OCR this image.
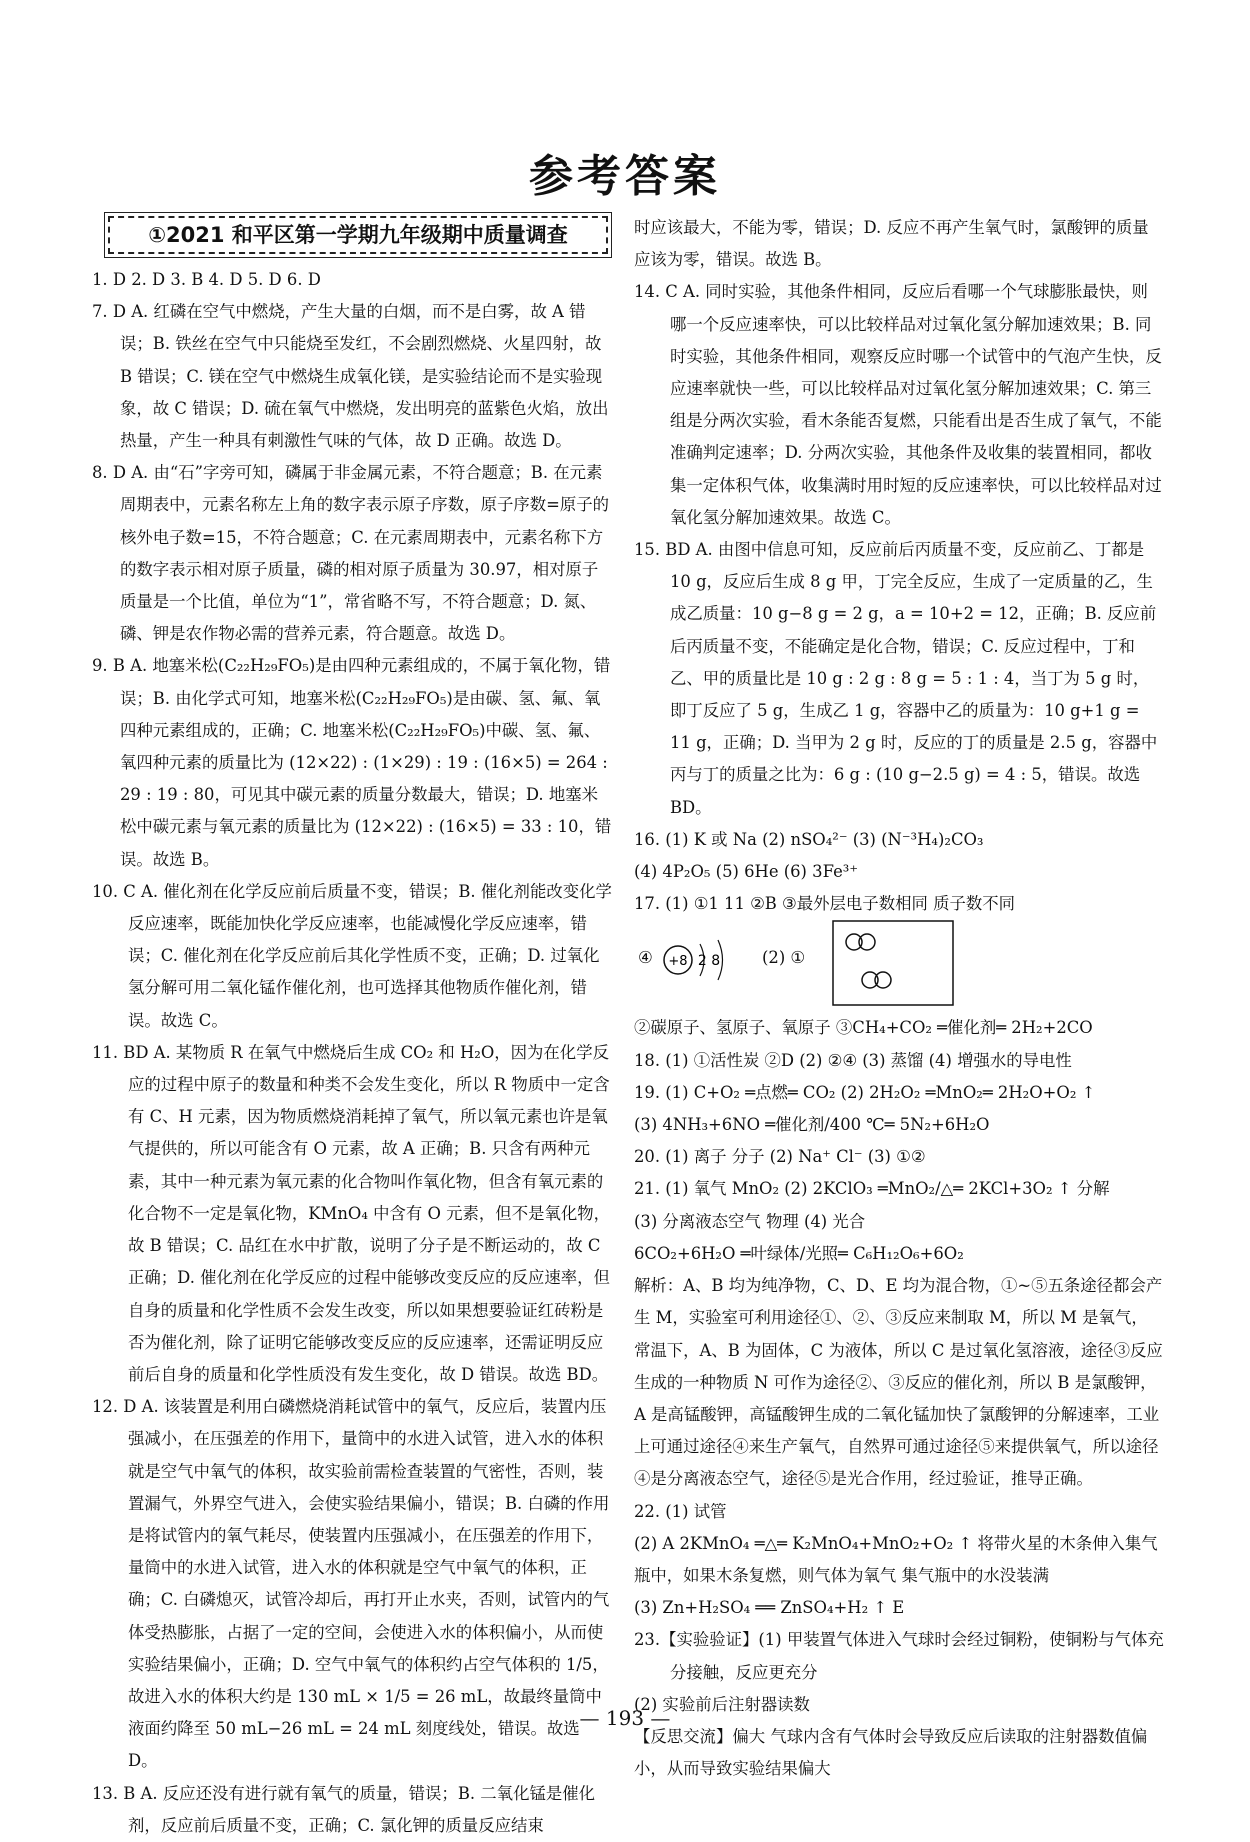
参考答案
①2021 和平区第一学期九年级期中质量调查

1. D 2. D 3. B 4. D 5. D 6. D

7. D A. 红磷在空气中燃烧，产生大量的白烟，而不是白雾，故 A 错误；B. 铁丝在空气中只能烧至发红，不会剧烈燃烧、火星四射，故 B 错误；C. 镁在空气中燃烧生成氧化镁，是实验结论而不是实验现象，故 C 错误；D. 硫在氧气中燃烧，发出明亮的蓝紫色火焰，放出热量，产生一种具有刺激性气味的气体，故 D 正确。故选 D。

8. D A. 由“石”字旁可知，磷属于非金属元素，不符合题意；B. 在元素周期表中，元素名称左上角的数字表示原子序数，原子序数=原子的核外电子数=15，不符合题意；C. 在元素周期表中，元素名称下方的数字表示相对原子质量，磷的相对原子质量为 30.97，相对原子质量是一个比值，单位为“1”，常省略不写，不符合题意；D. 氮、磷、钾是农作物必需的营养元素，符合题意。故选 D。

9. B A. 地塞米松(C₂₂H₂₉FO₅)是由四种元素组成的，不属于氧化物，错误；B. 由化学式可知，地塞米松(C₂₂H₂₉FO₅)是由碳、氢、氟、氧四种元素组成的，正确；C. 地塞米松(C₂₂H₂₉FO₅)中碳、氢、氟、氧四种元素的质量比为 (12×22) : (1×29) : 19 : (16×5) = 264 : 29 : 19 : 80，可见其中碳元素的质量分数最大，错误；D. 地塞米松中碳元素与氧元素的质量比为 (12×22) : (16×5) = 33 : 10，错误。故选 B。

10. C A. 催化剂在化学反应前后质量不变，错误；B. 催化剂能改变化学反应速率，既能加快化学反应速率，也能减慢化学反应速率，错误；C. 催化剂在化学反应前后其化学性质不变，正确；D. 过氧化氢分解可用二氧化锰作催化剂，也可选择其他物质作催化剂，错误。故选 C。

11. BD A. 某物质 R 在氧气中燃烧后生成 CO₂ 和 H₂O，因为在化学反应的过程中原子的数量和种类不会发生变化，所以 R 物质中一定含有 C、H 元素，因为物质燃烧消耗掉了氧气，所以氧元素也许是氧气提供的，所以可能含有 O 元素，故 A 正确；B. 只含有两种元素，其中一种元素为氧元素的化合物叫作氧化物，但含有氧元素的化合物不一定是氧化物，KMnO₄ 中含有 O 元素，但不是氧化物，故 B 错误；C. 品红在水中扩散，说明了分子是不断运动的，故 C 正确；D. 催化剂在化学反应的过程中能够改变反应的反应速率，但自身的质量和化学性质不会发生改变，所以如果想要验证红砖粉是否为催化剂，除了证明它能够改变反应的反应速率，还需证明反应前后自身的质量和化学性质没有发生变化，故 D 错误。故选 BD。

12. D A. 该装置是利用白磷燃烧消耗试管中的氧气，反应后，装置内压强减小，在压强差的作用下，量筒中的水进入试管，进入水的体积就是空气中氧气的体积，故实验前需检查装置的气密性，否则，装置漏气，外界空气进入，会使实验结果偏小，错误；B. 白磷的作用是将试管内的氧气耗尽，使装置内压强减小，在压强差的作用下，量筒中的水进入试管，进入水的体积就是空气中氧气的体积，正确；C. 白磷熄灭，试管冷却后，再打开止水夹，否则，试管内的气体受热膨胀，占据了一定的空间，会使进入水的体积偏小，从而使实验结果偏小，正确；D. 空气中氧气的体积约占空气体积的 1/5，故进入水的体积大约是 130 mL × 1/5 = 26 mL，故最终量筒中液面约降至 50 mL−26 mL = 24 mL 刻度线处，错误。故选 D。

13. B A. 反应还没有进行就有氧气的质量，错误；B. 二氧化锰是催化剂，反应前后质量不变，正确；C. 氯化钾的质量反应结束

时应该最大，不能为零，错误；D. 反应不再产生氧气时，氯酸钾的质量应该为零，错误。故选 B。

14. C A. 同时实验，其他条件相同，反应后看哪一个气球膨胀最快，则哪一个反应速率快，可以比较样品对过氧化氢分解加速效果；B. 同时实验，其他条件相同，观察反应时哪一个试管中的气泡产生快，反应速率就快一些，可以比较样品对过氧化氢分解加速效果；C. 第三组是分两次实验，看木条能否复燃，只能看出是否生成了氧气，不能准确判定速率；D. 分两次实验，其他条件及收集的装置相同，都收集一定体积气体，收集满时用时短的反应速率快，可以比较样品对过氧化氢分解加速效果。故选 C。

15. BD A. 由图中信息可知，反应前后丙质量不变，反应前乙、丁都是 10 g，反应后生成 8 g 甲，丁完全反应，生成了一定质量的乙，生成乙质量：10 g−8 g = 2 g，a = 10+2 = 12，正确；B. 反应前后丙质量不变，不能确定是化合物，错误；C. 反应过程中，丁和乙、甲的质量比是 10 g : 2 g : 8 g = 5 : 1 : 4，当丁为 5 g 时，即丁反应了 5 g，生成乙 1 g，容器中乙的质量为：10 g+1 g = 11 g，正确；D. 当甲为 2 g 时，反应的丁的质量是 2.5 g，容器中丙与丁的质量之比为：6 g : (10 g−2.5 g) = 4 : 5，错误。故选 BD。

16. (1) K 或 Na (2) nSO₄²⁻ (3) (N⁻³H₄)₂CO₃

(4) 4P₂O₅ (5) 6He (6) 3Fe³⁺

17. (1) ①1 11 ②B ③最外层电子数相同 质子数不同

④ +8 2 8	(2) ①

②碳原子、氢原子、氧原子 ③CH₄+CO₂ ═催化剂═ 2H₂+2CO

18. (1) ①活性炭 ②D (2) ②④ (3) 蒸馏 (4) 增强水的导电性

19. (1) C+O₂ ═点燃═ CO₂ (2) 2H₂O₂ ═MnO₂═ 2H₂O+O₂ ↑

(3) 4NH₃+6NO ═催化剂/400 ℃═ 5N₂+6H₂O

20. (1) 离子 分子 (2) Na⁺ Cl⁻ (3) ①②

21. (1) 氧气 MnO₂ (2) 2KClO₃ ═MnO₂/△═ 2KCl+3O₂ ↑ 分解

(3) 分离液态空气 物理 (4) 光合

6CO₂+6H₂O ═叶绿体/光照═ C₆H₁₂O₆+6O₂

解析：A、B 均为纯净物，C、D、E 均为混合物，①~⑤五条途径都会产生 M，实验室可利用途径①、②、③反应来制取 M，所以 M 是氧气，常温下，A、B 为固体，C 为液体，所以 C 是过氧化氢溶液，途径③反应生成的一种物质 N 可作为途径②、③反应的催化剂，所以 B 是氯酸钾，A 是高锰酸钾，高锰酸钾生成的二氧化锰加快了氯酸钾的分解速率，工业上可通过途径④来生产氧气，自然界可通过途径⑤来提供氧气，所以途径④是分离液态空气，途径⑤是光合作用，经过验证，推导正确。

22. (1) 试管

(2) A 2KMnO₄ ═△═ K₂MnO₄+MnO₂+O₂ ↑ 将带火星的木条伸入集气瓶中，如果木条复燃，则气体为氧气 集气瓶中的水没装满

(3) Zn+H₂SO₄ ══ ZnSO₄+H₂ ↑ E

23.【实验验证】(1) 甲装置气体进入气球时会经过铜粉，使铜粉与气体充分接触，反应更充分

(2) 实验前后注射器读数

【反思交流】偏大 气球内含有气体时会导致反应后读取的注射器数值偏小，从而导致实验结果偏大

— 193 —
